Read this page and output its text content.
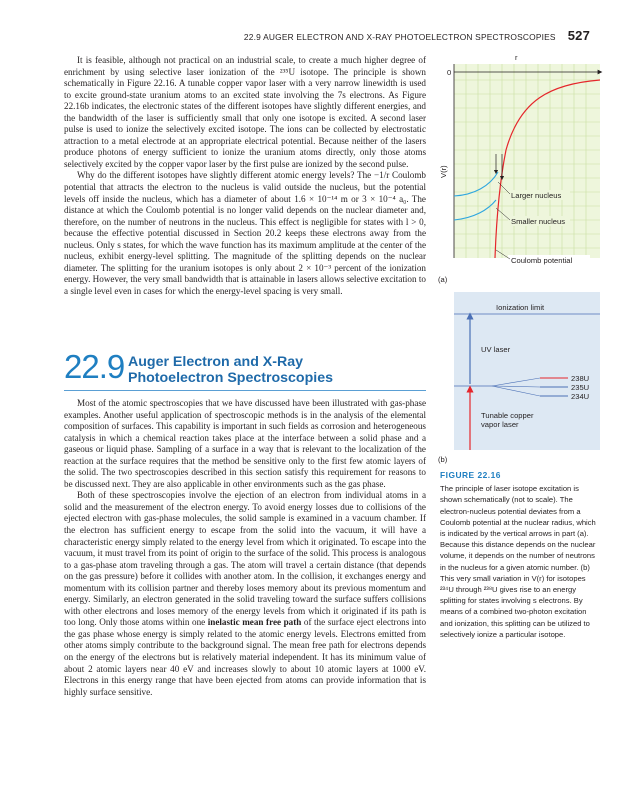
22.9 AUGER ELECTRON AND X-RAY PHOTOELECTRON SPECTROSCOPIES 527

It is feasible, although not practical on an industrial scale, to create a much higher degree of enrichment by using selective laser ionization of the ²³⁵U isotope. The principle is shown schematically in Figure 22.16. A tunable copper vapor laser with a very narrow linewidth is used to excite ground-state uranium atoms to an excited state involving the 7s electrons. As Figure 22.16b indicates, the electronic states of the different isotopes have slightly different energies, and the bandwidth of the laser is sufficiently small that only one isotope is excited. A second laser pulse is used to ionize the selectively excited isotope. The ions can be collected by electrostatic attraction to a metal electrode at an appropriate electrical potential. Because neither of the lasers produce photons of energy sufficient to ionize the uranium atoms directly, only those atoms selectively excited by the copper vapor laser by the first pulse are ionized by the second pulse.

Why do the different isotopes have slightly different atomic energy levels? The −1/r Coulomb potential that attracts the electron to the nucleus is valid outside the nucleus, but the potential levels off inside the nucleus, which has a diameter of about 1.6 × 10⁻¹⁴ m or 3 × 10⁻⁴ a₀. The distance at which the Coulomb potential is no longer valid depends on the nuclear diameter and, therefore, on the number of neutrons in the nucleus. This effect is negligible for states with l > 0, because the effective potential discussed in Section 20.2 keeps these electrons away from the nucleus. Only s states, for which the wave function has its maximum amplitude at the center of the nucleus, exhibit energy-level splitting. The magnitude of the splitting depends on the nuclear diameter. The splitting for the uranium isotopes is only about 2 × 10⁻³ percent of the ionization energy. However, the very small bandwidth that is attainable in lasers allows selective excitation to a single level even in cases for which the energy-level spacing is very small.

22.9 Auger Electron and X-Ray
Photoelectron Spectroscopies

Most of the atomic spectroscopies that we have discussed have been illustrated with gas-phase examples. Another useful application of spectroscopic methods is in the analysis of the elemental composition of surfaces. This capability is important in such fields as corrosion and heterogeneous catalysis in which a chemical reaction takes place at the interface between a solid phase and a gaseous or liquid phase. Sampling of a surface in a way that is relevant to the localization of the reaction at the surface requires that the method be sensitive only to the first few atomic layers of the solid. The two spectroscopies described in this section satisfy this requirement for reasons to be discussed next. They are also applicable in other environments such as the gas phase.

Both of these spectroscopies involve the ejection of an electron from individual atoms in a solid and the measurement of the electron energy. To avoid energy losses due to collisions of the ejected electron with gas-phase molecules, the solid sample is examined in a vacuum chamber. If the electron has sufficient energy to escape from the solid into the vacuum, it will have a characteristic energy simply related to the energy level from which it originated. To escape into the vacuum, it must travel from its point of origin to the surface of the solid. This process is analogous to a gas-phase atom traveling through a gas. The atom will travel a certain distance (that depends on the gas pressure) before it collides with another atom. In the collision, it exchanges energy and momentum with its collision partner and thereby loses memory about its previous momentum and energy. Similarly, an electron generated in the solid traveling toward the surface suffers collisions with other electrons and loses memory of the energy levels from which it originated if its path is too long. Only those atoms within one inelastic mean free path of the surface eject electrons into the gas phase whose energy is simply related to the atomic energy levels. Electrons emitted from other atoms simply contribute to the background signal. The mean free path for electrons depends on the energy of the electrons but is relatively material independent. It has its minimum value of about 2 atomic layers near 40 eV and increases slowly to about 10 atomic layers at 1000 eV. Electrons in this energy range that have been ejected from atoms can provide information that is highly surface sensitive.

r
0
V(r)
Larger nucleus
Smaller nucleus
Coulomb potential
(a)
Ionization limit
UV laser
238U
235U
234U
Tunable copper
vapor laser
(b)
FIGURE 22.16
The principle of laser isotope excitation is shown schematically (not to scale). The electron-nucleus potential deviates from a Coulomb potential at the nuclear radius, which is indicated by the vertical arrows in part (a). Because this distance depends on the nuclear volume, it depends on the number of neutrons in the nucleus for a given atomic number. (b) This very small variation in V(r) for isotopes ²³⁴U through ²³⁸U gives rise to an energy splitting for states involving s electrons. By means of a combined two-photon excitation and ionization, this splitting can be utilized to selectively ionize a particular isotope.
